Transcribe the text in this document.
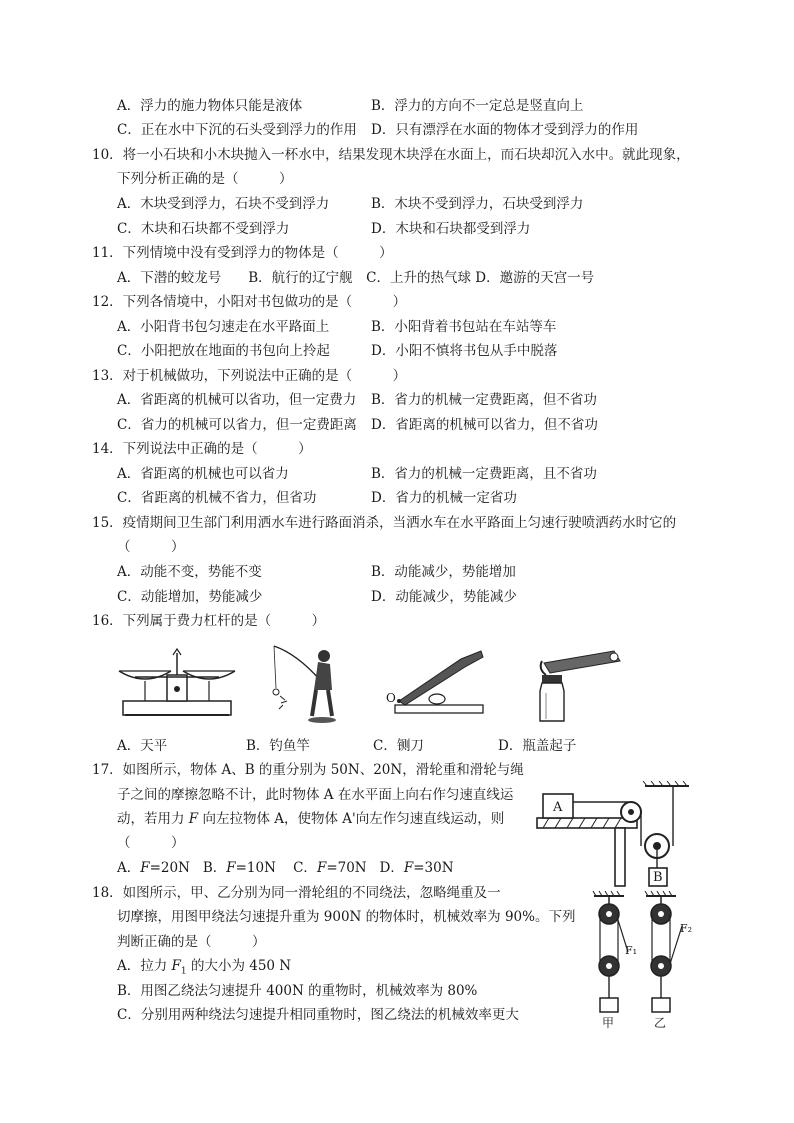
A．浮力的施力物体只能是液体	B．浮力的方向不一定总是竖直向上
C．正在水中下沉的石头受到浮力的作用 D．只有漂浮在水面的物体才受到浮力的作用
10．将一小石块和小木块抛入一杯水中，结果发现木块浮在水面上，而石块却沉入水中。就此现象，
下列分析正确的是（　　　）
A．木块受到浮力，石块不受到浮力	B．木块不受到浮力，石块受到浮力
C．木块和石块都不受到浮力	D．木块和石块都受到浮力
11．下列情境中没有受到浮力的物体是（　　　）
A．下潜的蛟龙号　　B．航行的辽宁舰　C．上升的热气球 D．邀游的天宫一号
12．下列各情境中，小阳对书包做功的是（　　　）
A．小阳背书包匀速走在水平路面上	B．小阳背着书包站在车站等车
C．小阳把放在地面的书包向上拎起	D．小阳不慎将书包从手中脱落
13．对于机械做功，下列说法中正确的是（　　　）
A．省距离的机械可以省功，但一定费力 B．省力的机械一定费距离，但不省功
C．省力的机械可以省力，但一定费距离 D．省距离的机械可以省力，但不省功
14．下列说法中正确的是（　　　）
A．省距离的机械也可以省力	B．省力的机械一定费距离，且不省功
C．省距离的机械不省力，但省功	D．省力的机械一定省功
15．疫情期间卫生部门利用洒水车进行路面消杀，当洒水车在水平路面上匀速行驶喷洒药水时它的
（　　　）
A．动能不变，势能不变	B．动能减少，势能增加
C．动能增加，势能减少	D．动能减少，势能减少
16．下列属于费力杠杆的是（　　　）
O
A．天平	B．钓鱼竿	C．铡刀	D．瓶盖起子
17．如图所示，物体 A、B 的重分别为 50N、20N，滑轮重和滑轮与绳
子之间的摩擦忽略不计，此时物体 A 在水平面上向右作匀速直线运
动，若用力 F 向左拉物体 A，使物体 A'向左作匀速直线运动，则
（　　　）
A．F=20N B．F=10N C．F=70N D．F=30N
A
B
18．如图所示，甲、乙分别为同一滑轮组的不同绕法，忽略绳重及一
切摩擦，用图甲绕法匀速提升重为 900N 的物体时，机械效率为 90%。下列
判断正确的是（　　　）
A．拉力 $F_1$ 的大小为 450 N
B．用图乙绕法匀速提升 400N 的重物时，机械效率为 80%
C．分别用两种绕法匀速提升相同重物时，图乙绕法的机械效率更大
F₁
F₂
甲	乙
